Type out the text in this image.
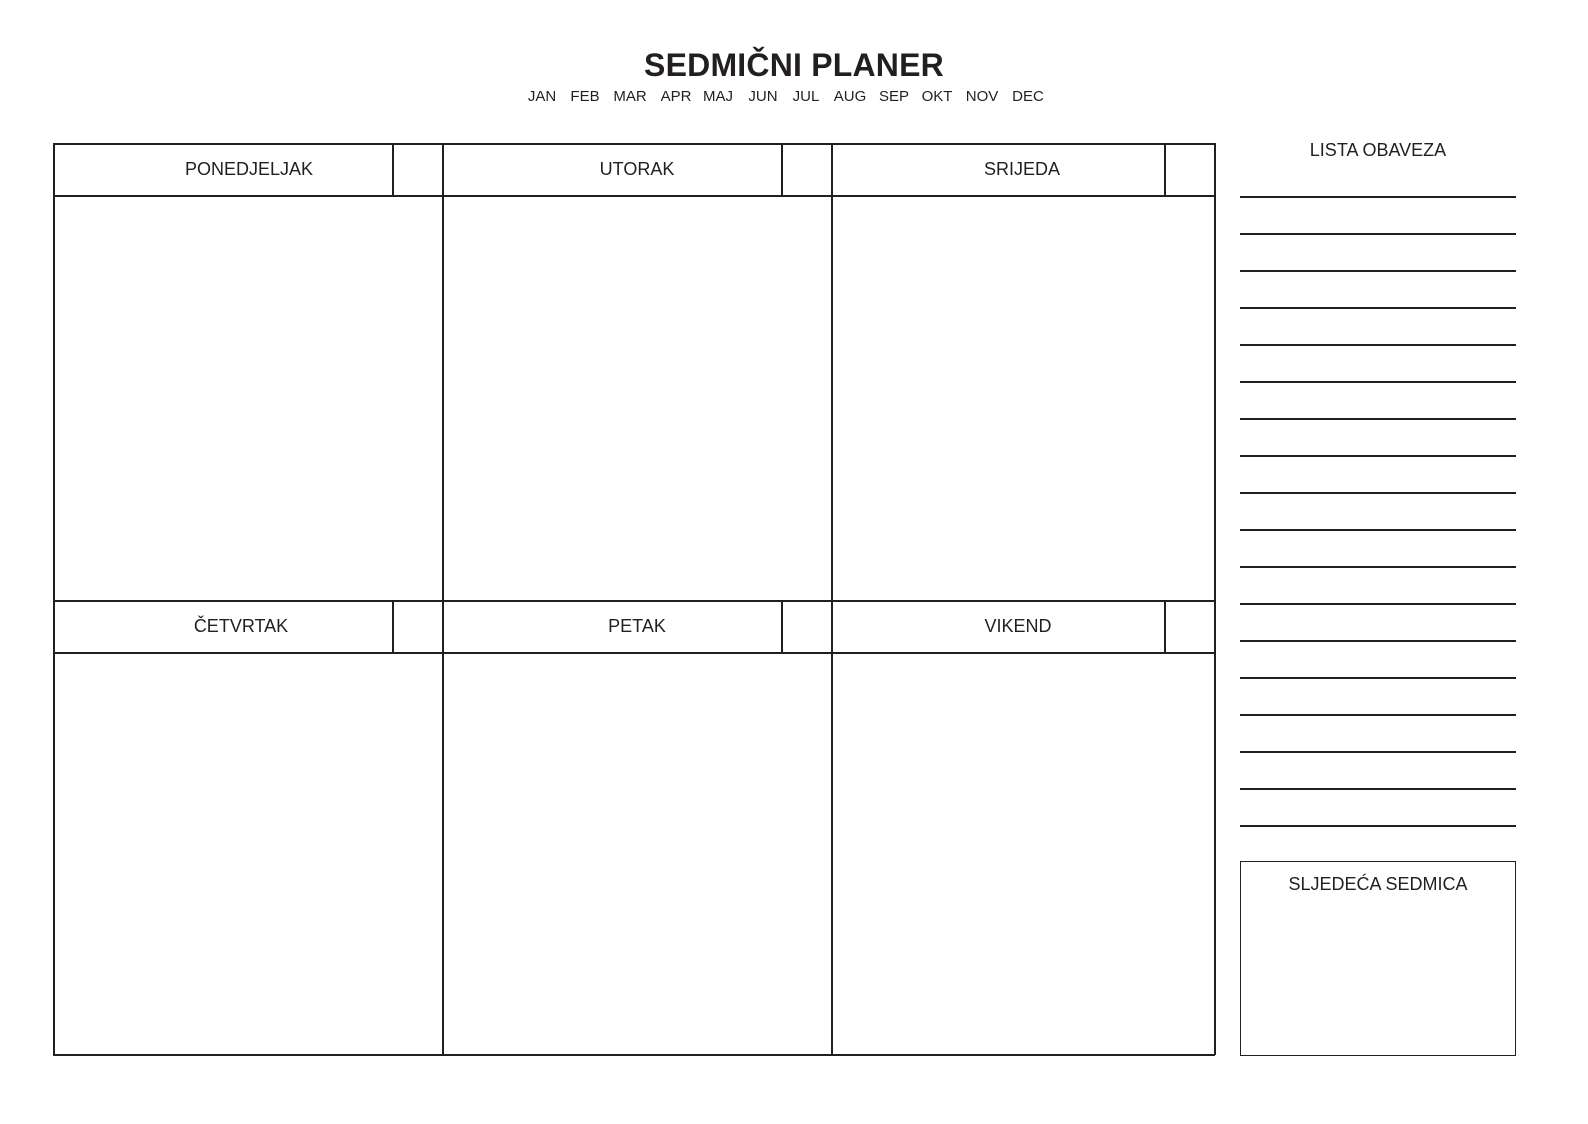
SEDMIČNI PLANER
JAN FEB MAR APR MAJ JUN JUL AUG SEP OKT NOV DEC
PONEDJELJAK	UTORAK	SRIJEDA
ČETVRTAK	PETAK	VIKEND
LISTA OBAVEZA
SLJEDEĆA SEDMICA
